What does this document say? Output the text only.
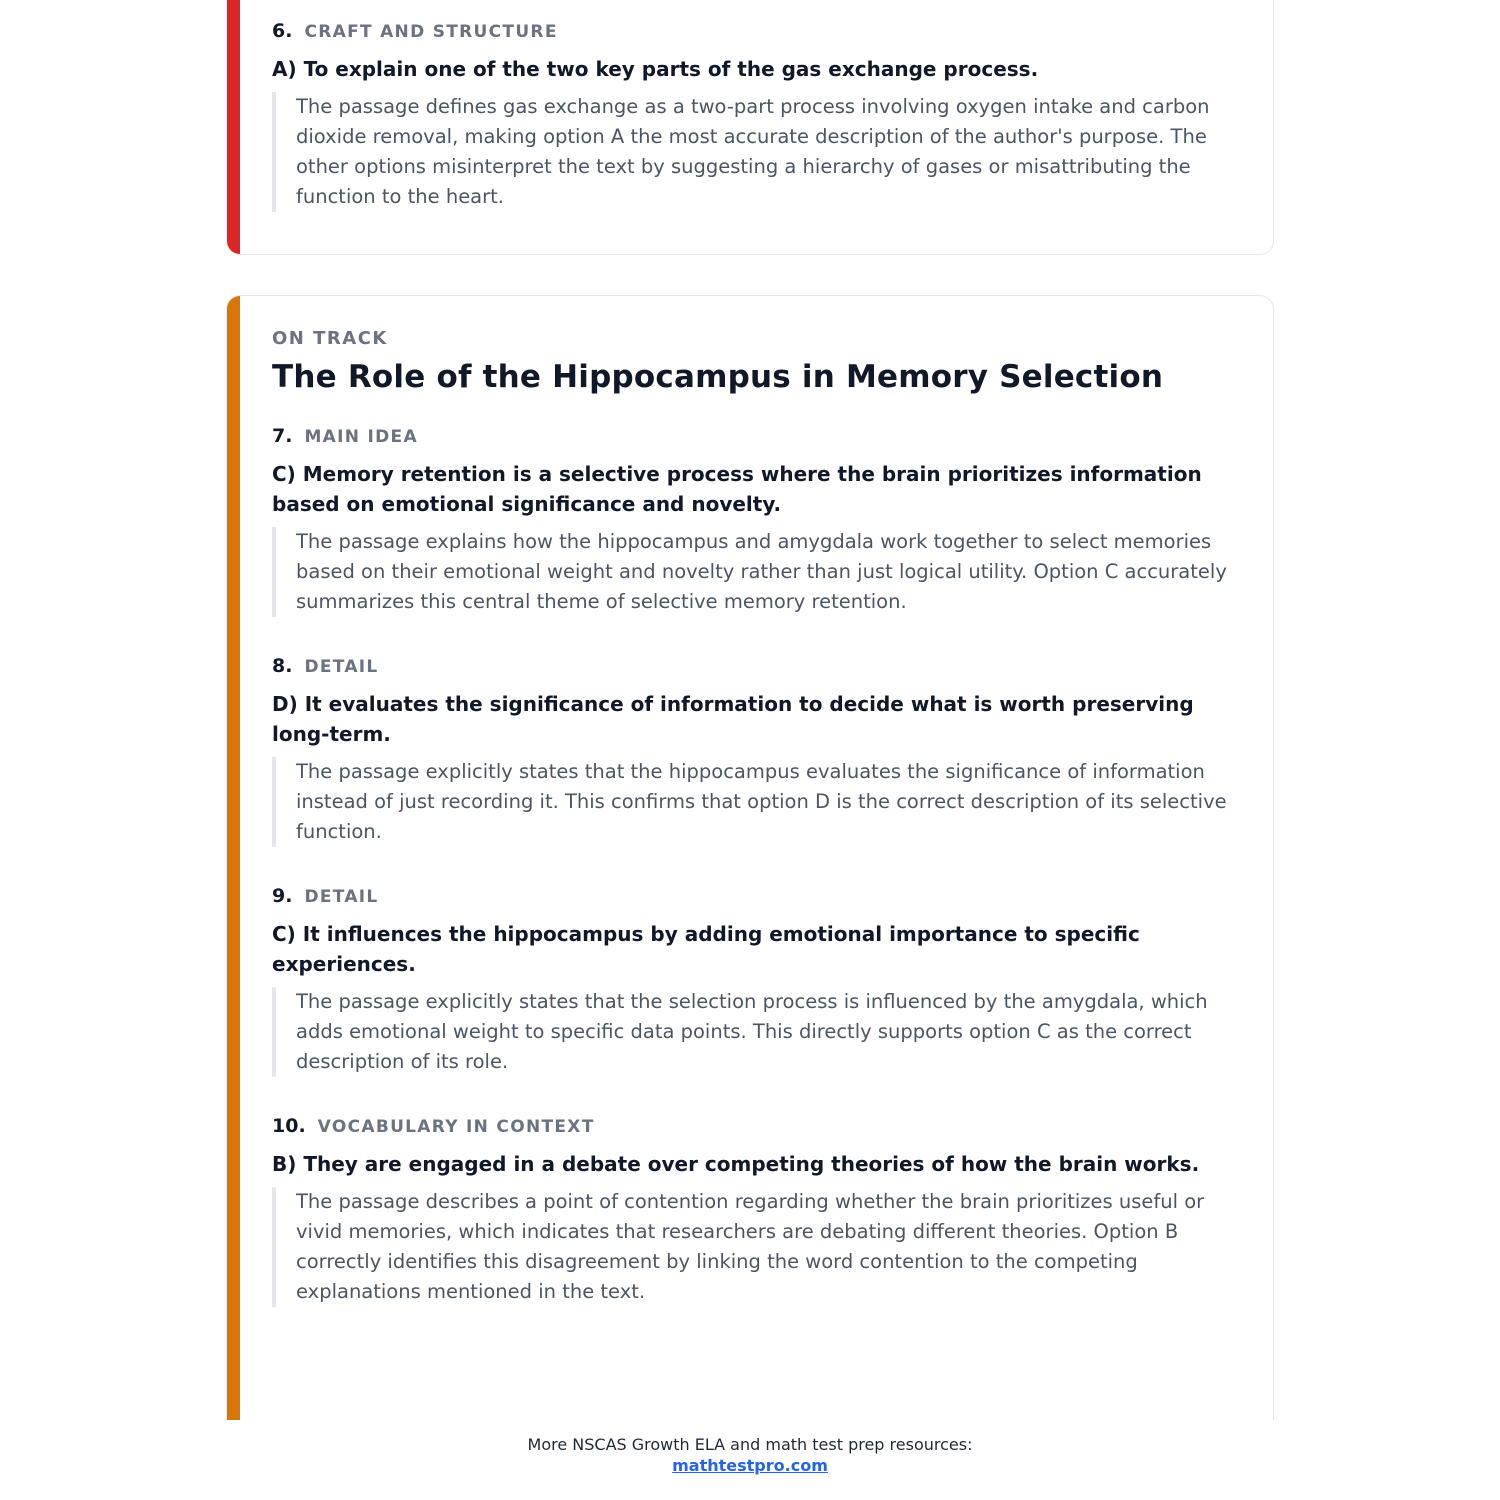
6. CRAFT AND STRUCTURE
A) To explain one of the two key parts of the gas exchange process.
The passage defines gas exchange as a two-part process involving oxygen intake and carbon dioxide removal, making option A the most accurate description of the author's purpose. The other options misinterpret the text by suggesting a hierarchy of gases or misattributing the function to the heart.
ON TRACK
The Role of the Hippocampus in Memory Selection
7. MAIN IDEA
C) Memory retention is a selective process where the brain prioritizes information based on emotional significance and novelty.
The passage explains how the hippocampus and amygdala work together to select memories based on their emotional weight and novelty rather than just logical utility. Option C accurately summarizes this central theme of selective memory retention.
8. DETAIL
D) It evaluates the significance of information to decide what is worth preserving long-term.
The passage explicitly states that the hippocampus evaluates the significance of information instead of just recording it. This confirms that option D is the correct description of its selective function.
9. DETAIL
C) It influences the hippocampus by adding emotional importance to specific experiences.
The passage explicitly states that the selection process is influenced by the amygdala, which adds emotional weight to specific data points. This directly supports option C as the correct description of its role.
10. VOCABULARY IN CONTEXT
B) They are engaged in a debate over competing theories of how the brain works.
The passage describes a point of contention regarding whether the brain prioritizes useful or vivid memories, which indicates that researchers are debating different theories. Option B correctly identifies this disagreement by linking the word contention to the competing explanations mentioned in the text.
More NSCAS Growth ELA and math test prep resources:
mathtestpro.com
